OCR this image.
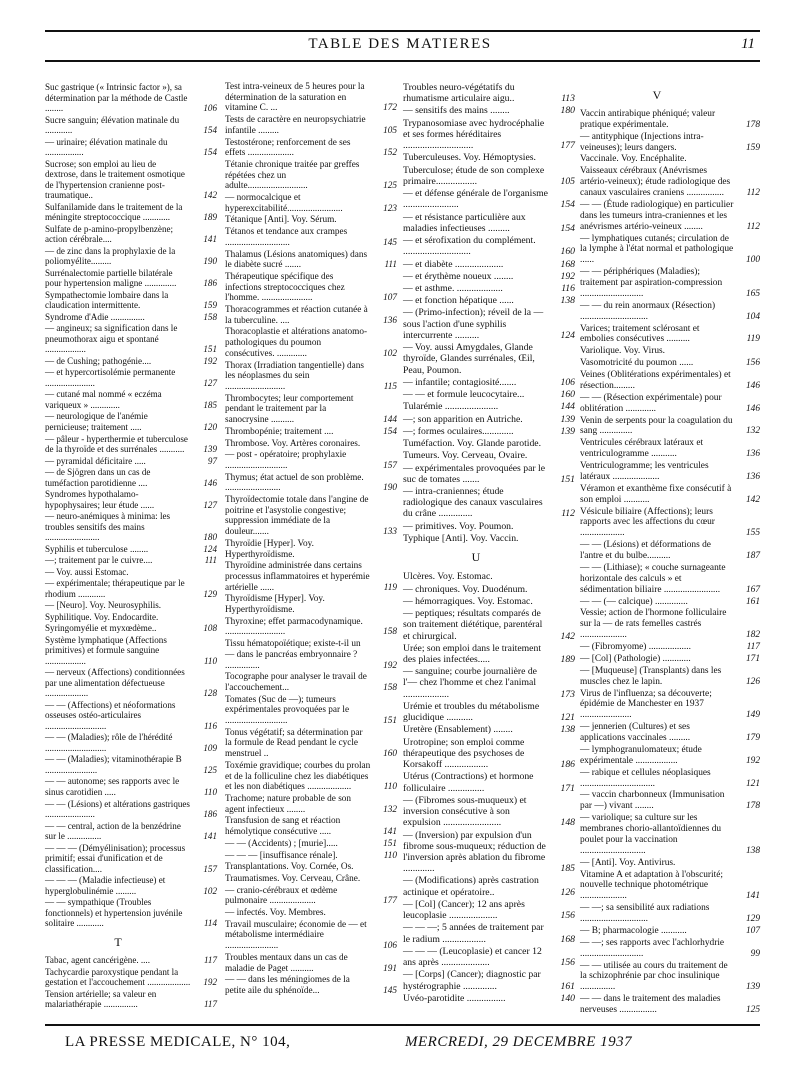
TABLE DES MATIERES	11
Suc gastrique (« Intrinsic factor »), sa détermination par la méthode de Castle ........	106
Sucre sanguin; élévation matinale du ............	154
— urinaire; élévation matinale du .................	154
Sucrose; son emploi au lieu de dextrose, dans le traitement osmotique de l'hypertension cranienne post-traumatique..	142
Sulfanilamide dans le traitement de la méningite streptococcique ............	189
Sulfate de p-amino-propylbenzène; action cérébrale....	141
— de zinc dans la prophylaxie de la poliomyélite.........	190
Surrénalectomie partielle bilatérale pour hypertension maligne ..............	186
Sympathectomie lombaire dans la claudication intermittente.	159
Syndrome d'Adie ...............	158
— angineux; sa signification dans le pneumothorax aigu et spontané ..................	151
— de Cushing; pathogénie....	192
— et hypercortisolémie permanente ......................	127
— cutané mal nommé « eczéma variqueux » .............	185
— neurologique de l'anémie pernicieuse; traitement .....	120
— pâleur - hyperthermie et tuberculose de la thyroïde et des surrénales ...........	139
— pyramidal déficitaire .....	97
— de Sjögren dans un cas de tuméfaction parotidienne ....	146
Syndromes hypothalamo-hypophysaires; leur étude ......	127
— neuro-anémiques à minima: les troubles sensitifs des mains ........................	180
Syphilis et tuberculose ........	124
—; traitement par le cuivre....	111
— Voy. aussi Estomac.
— expérimentale; thérapeutique par le rhodium ............	129
— [Neuro]. Voy. Neurosyphilis.
Syphilitique. Voy. Endocardite.
Syringomyélie et myxœdème..	108
Système lymphatique (Affections primitives) et formule sanguine ..................	110
— nerveux (Affections) conditionnées par une alimentation défectueuse ...................	128
— — (Affections) et néoformations osseuses ostéo-articulaires ...........................	116
— — (Maladies); rôle de l'hérédité ...........................	109
— — (Maladies); vitaminothérapie B .......................	125
— — autonome; ses rapports avec le sinus carotidien .....	110
— — (Lésions) et altérations gastriques ......................	186
— — central, action de la benzédrine sur le ...............	141
— — — (Démyélinisation); processus primitif; essai d'unification et de classification....	157
— — — (Maladie infectieuse) et hyperglobulinémie .........	102
— — sympathique (Troubles fonctionnels) et hypertension juvénile solitaire ............	114
T
Tabac, agent cancérigène. ....	117
Tachycardie paroxystique pendant la gestation et l'accouchement ................... 192
Tension artérielle; sa valeur en malariathérapie ...............	117
Test intra-veineux de 5 heures pour la détermination de la saturation en vitamine C. ...	172
Tests de caractère en neuropsychiatrie infantile .........	105
Testostérone; renforcement de ses effets ....................	152
Tétanie chronique traitée par greffes répétées chez un adulte..........................	125
— normocalcique et hyperexcitabilité........................	123
Tétanique [Anti]. Voy. Sérum.
Tétanos et tendance aux crampes ............................	145
Thalamus (Lésions anatomiques) dans le diabète sucré .......	111
Thérapeutique spécifique des infections streptococciques chez l'homme. ......................	107
Thoracogrammes et réaction cutanée à la tuberculine. ....	136
Thoracoplastie et altérations anatomo-pathologiques du poumon consécutives. .............	102
Thorax (Irradiation tangentielle) dans les néoplasmes du sein ..........................	115
Thrombocytes; leur comportement pendant le traitement par la sanocrysine ..........	144
Thrombopénie; traitement ....	154
Thrombose. Voy. Artères coronaires.
— post - opératoire; prophylaxie ...........................	157
Thymus; état actuel de son problème. ........................	190
Thyroïdectomie totale dans l'angine de poitrine et l'asystolie congestive; suppression immédiate de la douleur.......	133
Thyroïdie [Hyper]. Voy. Hyperthyroïdisme.
Thyroïdine administrée dans certains processus inflammatoires et hyperémie artérielle ......	119
Thyroïdisme [Hyper]. Voy. Hyperthyroïdisme.
Thyroxine; effet parmacodynamique. ..........................	158
Tissu hématopoïétique; existe-t-il un — dans le pancréas embryonnaire ? ...............	192
Tocographe pour analyser le travail de l'accouchement...	158
Tomates (Suc de —); tumeurs expérimentales provoquées par le ...........................	151
Tonus végétatif; sa détermination par la formule de Read pendant le cycle menstruel ..	160
Toxémie gravidique; courbes du prolan et de la folliculine chez les diabétiques et les non diabétiques ...................	110
Trachome; nature probable de son agent infectieux ........	132
Transfusion de sang et réaction hémolytique consécutive .....	141
— — (Accidents) ; [murie].....	151
— — — [insuffisance rénale].	110
Transplantations. Voy. Cornée, Os.
Traumatismes. Voy. Cerveau, Crâne.
— cranio-cérébraux et œdème pulmonaire ....................	177
— infectés. Voy. Membres.
Travail musculaire; économie de — et métabolisme intermédiaire .......................	106
Troubles mentaux dans un cas de maladie de Paget ..........	191
— — dans les méningiomes de la petite aile du sphénoïde...	145
Troubles neuro-végétatifs du rhumatisme articulaire aigu..	113
— sensitifs des mains ........	180
Trypanosomiase avec hydrocéphalie et ses formes héréditaires .............................	177
Tuberculeuses. Voy. Hémoptysies.
Tuberculose; étude de son complexe primaire.................	105
— et défense générale de l'organisme .......................	154
— et résistance particulière aux maladies infectieuses .........	154
— et sérofixation du complément. ............................	160
— et diabète ....................	168
— et érythème noueux ........	192
— et asthme. ...................	116
— et fonction hépatique ......	138
— (Primo-infection); réveil de la — sous l'action d'une syphilis intercurrente ..........	124
— Voy. aussi Amygdales, Glande thyroïde, Glandes surrénales, Œil, Peau, Poumon.
— infantile; contagiosité.......	106
— — et formule leucocytaire...	160
Tularémie ......................	144
—; son apparition en Autriche.	139
—; formes oculaires.............	139
Tuméfaction. Voy. Glande parotide.
Tumeurs. Voy. Cerveau, Ovaire.
— expérimentales provoquées par le suc de tomates .......	151
— intra-craniennes; étude radiologique des canaux vasculaires du crâne ..............	112
— primitives. Voy. Poumon.
Typhique [Anti]. Voy. Vaccin.
U
Ulcères. Voy. Estomac.
— chroniques. Voy. Duodénum.
— hémorragiques. Voy. Estomac.
— peptiques; résultats comparés de son traitement diététique, parentéral et chirurgical.	142
Urée; son emploi dans le traitement des plaies infectées.....	189
— sanguine; courbe journalière de l'— chez l'homme et chez l'animal ...................	173
Urémie et troubles du métabolisme glucidique ...........	121
Uretère (Ensablement) ........	138
Urotropine; son emploi comme thérapeutique des psychoses de Korsakoff ..................	186
Utérus (Contractions) et hormone folliculaire ...............	171
— (Fibromes sous-muqueux) et inversion consécutive à son expulsion ........................	148
— (Inversion) par expulsion d'un fibrome sous-muqueux; réduction de l'inversion après ablation du fibrome .............	185
— (Modifications) après castration actinique et opératoire..	126
— [Col] (Cancer); 12 ans après leucoplasie ....................	156
— — —; 5 années de traitement par le radium ..................	168
— — — (Leucoplasie) et cancer 12 ans après ....................	156
— [Corps] (Cancer); diagnostic par hystérographie ..............	161
Uvéo-parotidite ................	140
V
Vaccin antirabique phéniqué; valeur pratique expérimentale.	178
— antityphique (Injections intra-veineuses); leurs dangers.	159
Vaccinale. Voy. Encéphalite.
Vaisseaux cérébraux (Anévrismes artério-veineux); étude radiologique des canaux vasculaires craniens ................	112
— — (Étude radiologique) en particulier dans les tumeurs intra-craniennes et les anévrismes artério-veineux ........	112
— lymphatiques cutanés; circulation de la lymphe à l'état normal et pathologique ......	100
— — périphériques (Maladies); traitement par aspiration-compression ...........................	165
— — du rein anormaux (Résection) .............................	104
Varices; traitement sclérosant et embolies consécutives ..........	119
Variolique. Voy. Virus.
Vasomotricité du poumon ......	156
Veines (Oblitérations expérimentales) et résection.........	146
— — (Résection expérimentale) pour oblitération .............	146
Venin de serpents pour la coagulation du sang ..............	132
Ventricules cérébraux latéraux et ventriculogramme ...........	136
Ventriculogramme; les ventricules latéraux ....................	136
Véramon et exanthème fixe consécutif à son emploi ...........	142
Vésicule biliaire (Affections); leurs rapports avec les affections du cœur ...................	155
— — (Lésions) et déformations de l'antre et du bulbe..........	187
— — (Lithiase); « couche surnageante horizontale des calculs » et sédimentation biliaire ........................	167
— — (— calcique) ..............	161
Vessie; action de l'hormone folliculaire sur la — de rats femelles castrés ....................	182
— (Fibromyome) ..................	117
— [Col] (Pathologie) ............	171
— [Muqueuse] (Transplants) dans les muscles chez le lapin.	126
Virus de l'influenza; sa découverte; épidémie de Manchester en 1937 ......................	149
— jennerien (Cultures) et ses applications vaccinales .........	179
— lymphogranulomateux; étude expérimentale ..................	192
— rabique et cellules néoplasiques ................................	121
— vaccin charbonneux (Immunisation par —) vivant ........	178
— variolique; sa culture sur les membranes chorio-allantoïdiennes du poulet pour la vaccination ............................	138
— [Anti]. Voy. Antivirus.
Vitamine A et adaptation à l'obscurité; nouvelle technique photométrique ....................	141
— —; sa sensibilité aux radiations .............................	129
— B; pharmacologie ...........	107
— —; ses rapports avec l'achlorhydrie ...........................	99
— — utilisée au cours du traitement de la schizophrénie par choc insulinique ...............	139
— — dans le traitement des maladies nerveuses ................	125
LA PRESSE MEDICALE, N° 104,	MERCREDI, 29 DECEMBRE 1937
